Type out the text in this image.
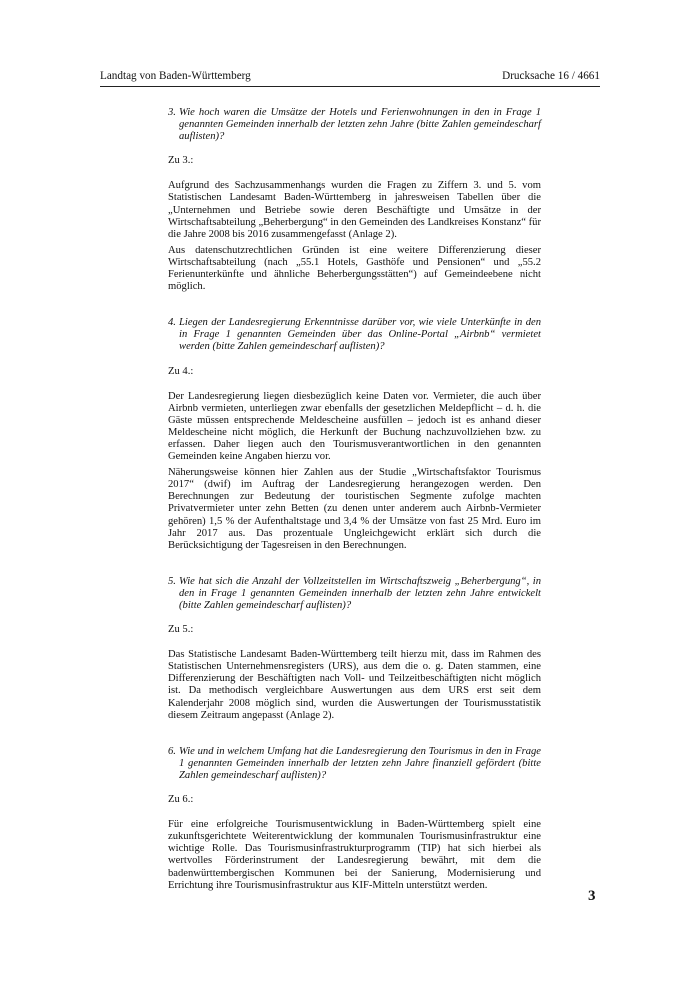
Landtag von Baden-Württemberg	Drucksache 16 / 4661
3. Wie hoch waren die Umsätze der Hotels und Ferienwohnungen in den in Frage 1 genannten Gemeinden innerhalb der letzten zehn Jahre (bitte Zahlen gemeindescharf auflisten)?

Zu 3.:

Aufgrund des Sachzusammenhangs wurden die Fragen zu Ziffern 3. und 5. vom Statistischen Landesamt Baden-Württemberg in jahresweisen Tabellen über die „Unternehmen und Betriebe sowie deren Beschäftigte und Umsätze in der Wirtschaftsabteilung „Beherbergung“ in den Gemeinden des Landkreises Konstanz“ für die Jahre 2008 bis 2016 zusammengefasst (Anlage 2).

Aus datenschutzrechtlichen Gründen ist eine weitere Differenzierung dieser Wirtschaftsabteilung (nach „55.1 Hotels, Gasthöfe und Pensionen“ und „55.2 Ferienunterkünfte und ähnliche Beherbergungsstätten“) auf Gemeindeebene nicht möglich.

4. Liegen der Landesregierung Erkenntnisse darüber vor, wie viele Unterkünfte in den in Frage 1 genannten Gemeinden über das Online-Portal „Airbnb“ vermietet werden (bitte Zahlen gemeindescharf auflisten)?

Zu 4.:

Der Landesregierung liegen diesbezüglich keine Daten vor. Vermieter, die auch über Airbnb vermieten, unterliegen zwar ebenfalls der gesetzlichen Meldepflicht – d. h. die Gäste müssen entsprechende Meldescheine ausfüllen – jedoch ist es anhand dieser Meldescheine nicht möglich, die Herkunft der Buchung nachzuvollziehen bzw. zu erfassen. Daher liegen auch den Tourismusverantwortlichen in den genannten Gemeinden keine Angaben hierzu vor.

Näherungsweise können hier Zahlen aus der Studie „Wirtschaftsfaktor Tourismus 2017“ (dwif) im Auftrag der Landesregierung herangezogen werden. Den Berechnungen zur Bedeutung der touristischen Segmente zufolge machten Privatvermieter unter zehn Betten (zu denen unter anderem auch Airbnb-Vermieter gehören) 1,5 % der Aufenthaltstage und 3,4 % der Umsätze von fast 25 Mrd. Euro im Jahr 2017 aus. Das prozentuale Ungleichgewicht erklärt sich durch die Berücksichtigung der Tagesreisen in den Berechnungen.

5. Wie hat sich die Anzahl der Vollzeitstellen im Wirtschaftszweig „Beherbergung“, in den in Frage 1 genannten Gemeinden innerhalb der letzten zehn Jahre entwickelt (bitte Zahlen gemeindescharf auflisten)?

Zu 5.:

Das Statistische Landesamt Baden-Württemberg teilt hierzu mit, dass im Rahmen des Statistischen Unternehmensregisters (URS), aus dem die o. g. Daten stammen, eine Differenzierung der Beschäftigten nach Voll- und Teilzeitbeschäftigten nicht möglich ist. Da methodisch vergleichbare Auswertungen aus dem URS erst seit dem Kalenderjahr 2008 möglich sind, wurden die Auswertungen der Tourismusstatistik diesem Zeitraum angepasst (Anlage 2).

6. Wie und in welchem Umfang hat die Landesregierung den Tourismus in den in Frage 1 genannten Gemeinden innerhalb der letzten zehn Jahre finanziell gefördert (bitte Zahlen gemeindescharf auflisten)?

Zu 6.:

Für eine erfolgreiche Tourismusentwicklung in Baden-Württemberg spielt eine zukunftsgerichtete Weiterentwicklung der kommunalen Tourismusinfrastruktur eine wichtige Rolle. Das Tourismusinfrastrukturprogramm (TIP) hat sich hierbei als wertvolles Förderinstrument der Landesregierung bewährt, mit dem die badenwürttembergischen Kommunen bei der Sanierung, Modernisierung und Errichtung ihre Tourismusinfrastruktur aus KIF-Mitteln unterstützt werden.

3
